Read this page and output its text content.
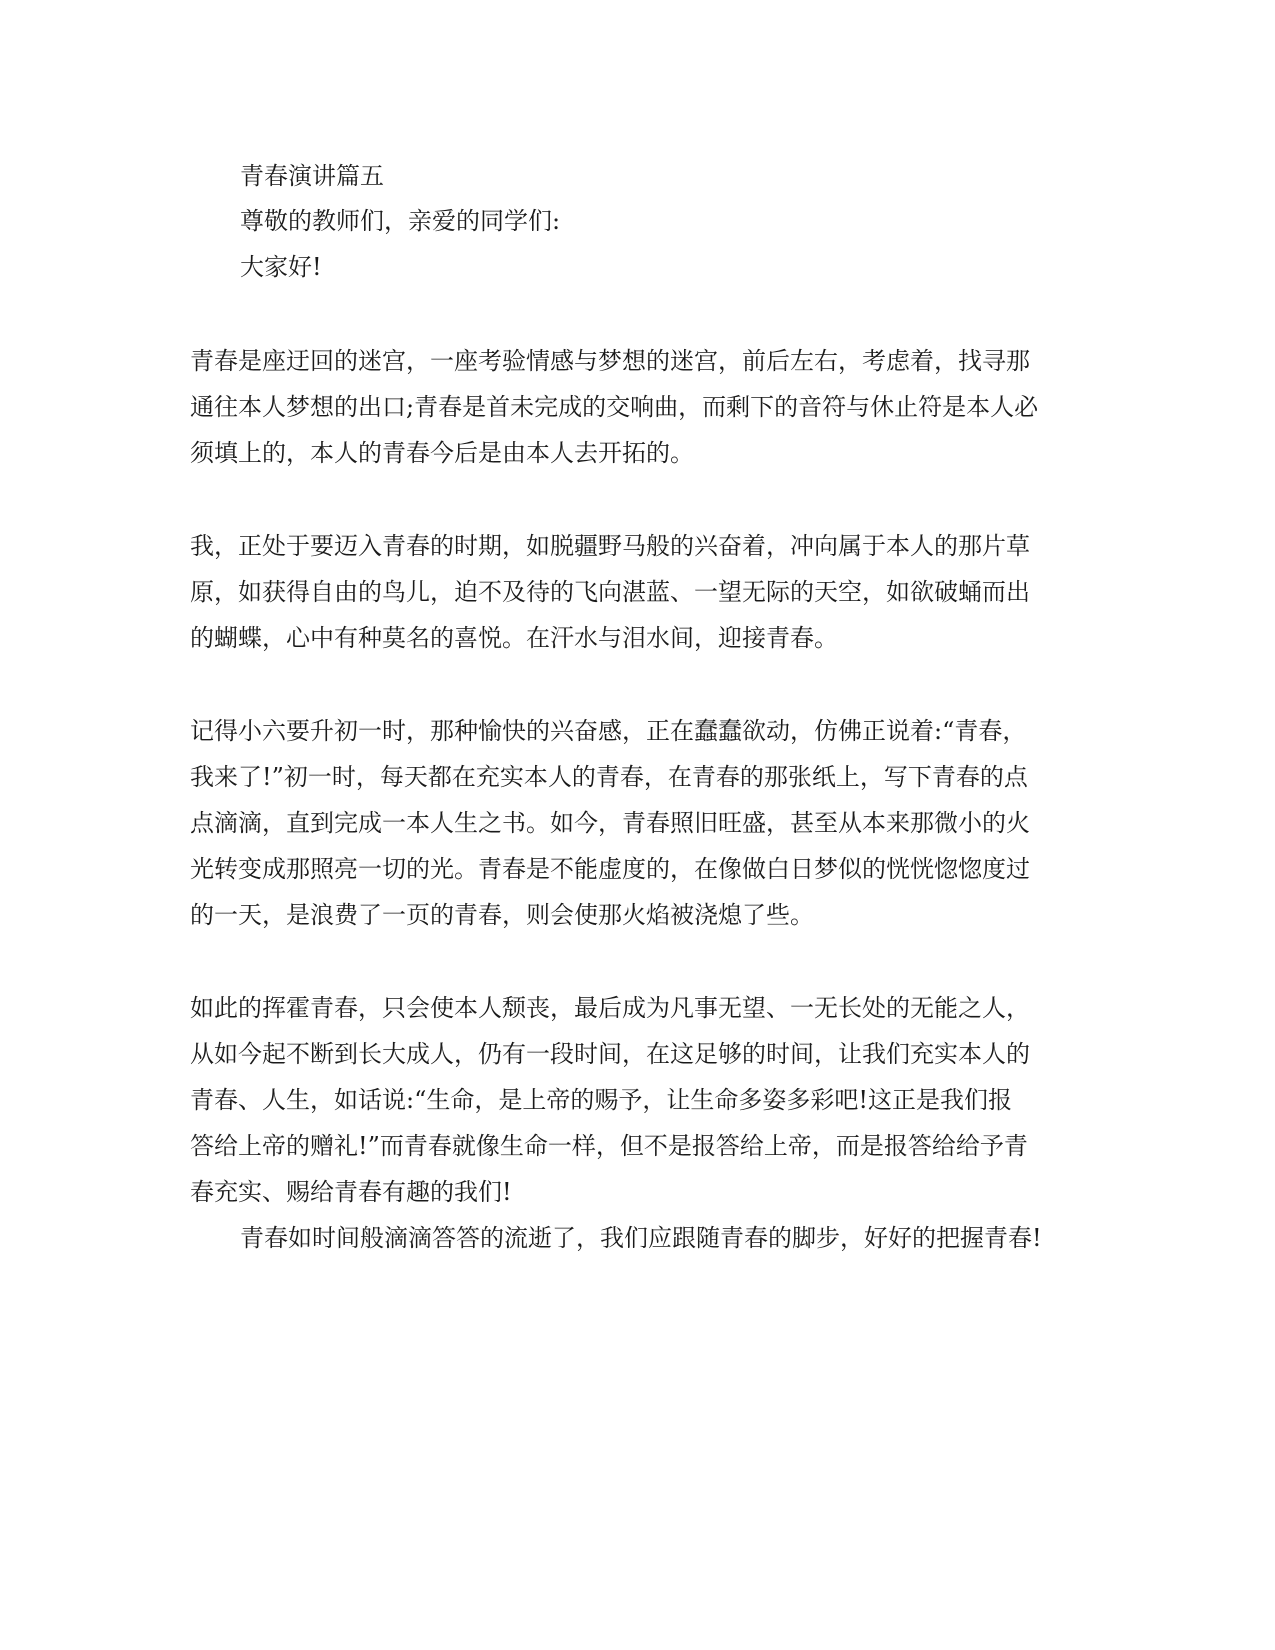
青春演讲篇五
尊敬的教师们，亲爱的同学们:
大家好!
青春是座迂回的迷宫，一座考验情感与梦想的迷宫，前后左右，考虑着，找寻那
通往本人梦想的出口;青春是首未完成的交响曲，而剩下的音符与休止符是本人必
须填上的，本人的青春今后是由本人去开拓的。
我，正处于要迈入青春的时期，如脱疆野马般的兴奋着，冲向属于本人的那片草
原，如获得自由的鸟儿，迫不及待的飞向湛蓝、一望无际的天空，如欲破蛹而出
的蝴蝶，心中有种莫名的喜悦。在汗水与泪水间，迎接青春。
记得小六要升初一时，那种愉快的兴奋感，正在蠢蠢欲动，仿佛正说着:“青春，
我来了!”初一时，每天都在充实本人的青春，在青春的那张纸上，写下青春的点
点滴滴，直到完成一本人生之书。如今，青春照旧旺盛，甚至从本来那微小的火
光转变成那照亮一切的光。青春是不能虚度的，在像做白日梦似的恍恍惚惚度过
的一天，是浪费了一页的青春，则会使那火焰被浇熄了些。
如此的挥霍青春，只会使本人颓丧，最后成为凡事无望、一无长处的无能之人，
从如今起不断到长大成人，仍有一段时间，在这足够的时间，让我们充实本人的
青春、人生，如话说:“生命，是上帝的赐予，让生命多姿多彩吧!这正是我们报
答给上帝的赠礼!”而青春就像生命一样，但不是报答给上帝，而是报答给给予青
春充实、赐给青春有趣的我们!
青春如时间般滴滴答答的流逝了，我们应跟随青春的脚步，好好的把握青春!
